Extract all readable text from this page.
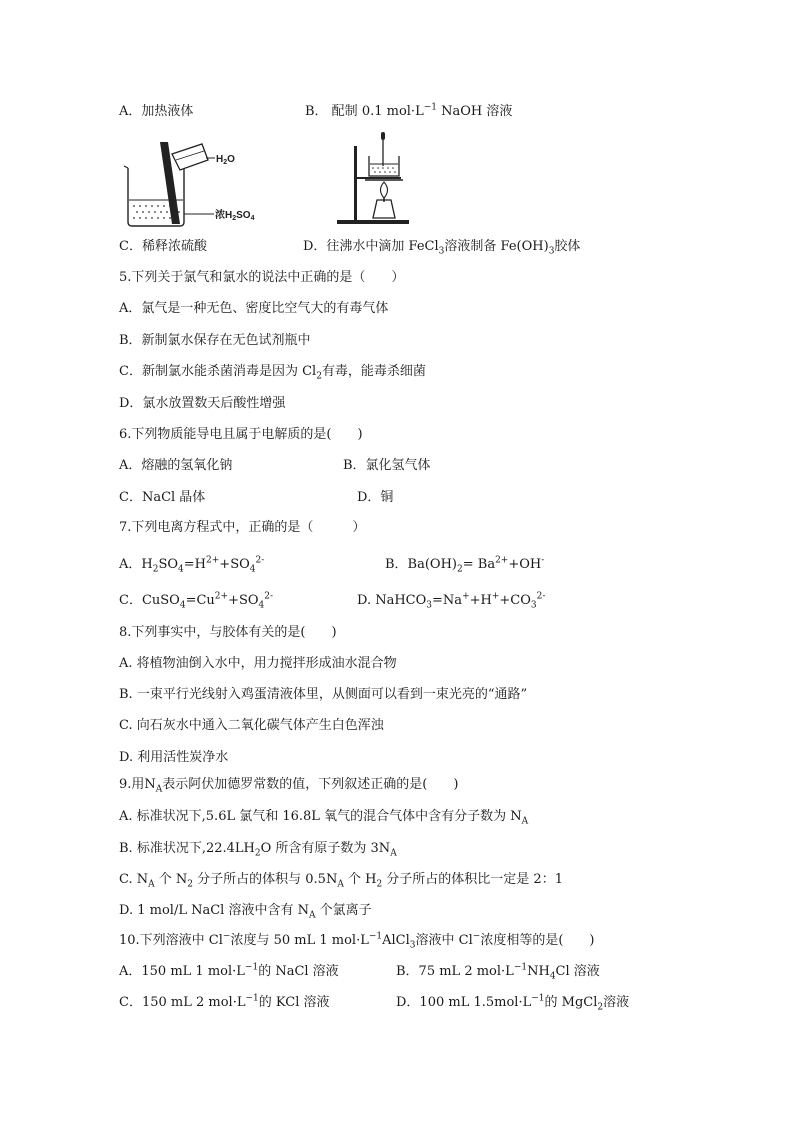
A．加热液体	B． 配制 0.1 $mol\cdot L^{-1}$ NaOH 溶液
$H_2O$
浓$H_2SO_4$
C．稀释浓硫酸	D．往沸水中滴加 FeCl$_3$溶液制备 $Fe(OH)_3$胶体
5.下列关于氯气和氯水的说法中正确的是（　　）
A．氯气是一种无色、密度比空气大的有毒气体
B．新制氯水保存在无色试剂瓶中
C．新制氯水能杀菌消毒是因为 $Cl_2$有毒，能毒杀细菌
D．氯水放置数天后酸性增强
6.下列物质能导电且属于电解质的是(　　)
A．熔融的氢氧化钠	B．氯化氢气体
C．NaCl 晶体	D．铜
7.下列电离方程式中，正确的是（　　　）
A．$H_2SO_4=H^{2+}+SO_4^{2-}$	B．$Ba(OH)_2= Ba^{2+}+OH^-$
C．$CuSO_4=Cu^{2+}+SO_4^{2-}$	D. $NaHCO_3=Na^++H^++CO_3^{2-}$
8.下列事实中，与胶体有关的是(　　)
A. 将植物油倒入水中，用力搅拌形成油水混合物
B. 一束平行光线射入鸡蛋清液体里，从侧面可以看到一束光亮的“通路”
C. 向石灰水中通入二氧化碳气体产生白色浑浊
D. 利用活性炭净水
9.用$N_A$表示阿伏加德罗常数的值，下列叙述正确的是(　　)
A. 标准状况下,5.6L 氯气和 16.8L 氧气的混合气体中含有分子数为 $N_A$
B. 标准状况下$,22.4LH_2O$ 所含有原子数为 $3N_A$
C. $N_A$ 个 $N_2$ 分子所占的体积与 $0.5N_A$ 个 $H_2$ 分子所占的体积比一定是 2：1
D. 1 mol/L NaCl 溶液中含有 $N_A$ 个氯离子
10.下列溶液中 Cl−浓度与 50 mL 1 $mol\cdot L^{-1}AlCl_3$溶液中 Cl−浓度相等的是(　　)
A．150 mL 1 $mol\cdot L^{-1}$的 NaCl 溶液	B．75 mL 2 $mol\cdot L^{-1}NH_4Cl$ 溶液
C．150 mL 2 $mol\cdot L^{-1}$的 KCl 溶液	D．100 mL $1.5mol\cdot L^{-1}$的 MgCl$_2$溶液
